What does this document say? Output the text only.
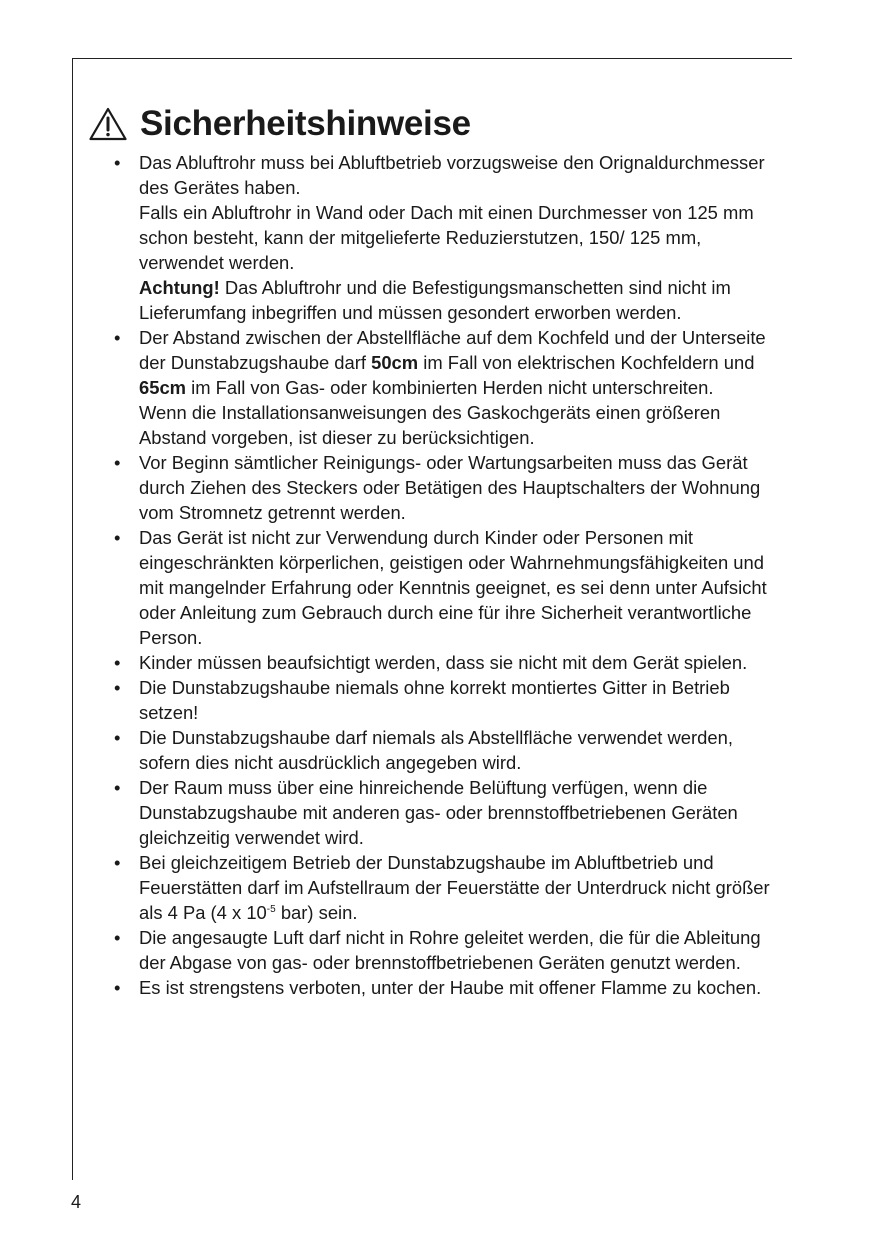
Sicherheitshinweise
• Das Abluftrohr muss bei Abluftbetrieb vorzugsweise den Orignaldurchmesser des Gerätes haben.
Falls ein Abluftrohr in Wand oder Dach mit einen Durchmesser von 125 mm schon besteht, kann der mitgelieferte Reduzierstutzen, 150/ 125 mm, verwendet werden.
Achtung! Das Abluftrohr und die Befestigungsmanschetten sind nicht im Lieferumfang inbegriffen und müssen gesondert erworben werden.
• Der Abstand zwischen der Abstellfläche auf dem Kochfeld und der Unterseite der Dunstabzugshaube darf 50cm im Fall von elektrischen Kochfeldern und 65cm im Fall von Gas- oder kombinierten Herden nicht unterschreiten.
Wenn die Installationsanweisungen des Gaskochgeräts einen größeren Abstand vorgeben, ist dieser zu berücksichtigen.
• Vor Beginn sämtlicher Reinigungs- oder Wartungsarbeiten muss das Gerät durch Ziehen des Steckers oder Betätigen des Hauptschalters der Wohnung vom Stromnetz getrennt werden.
• Das Gerät ist nicht zur Verwendung durch Kinder oder Personen mit eingeschränkten körperlichen, geistigen oder Wahrnehmungsfähigkeiten und mit mangelnder Erfahrung oder Kenntnis geeignet, es sei denn unter Aufsicht oder Anleitung zum Gebrauch durch eine für ihre Sicherheit verantwortliche Person.
• Kinder müssen beaufsichtigt werden, dass sie nicht mit dem Gerät spielen.
• Die Dunstabzugshaube niemals ohne korrekt montiertes Gitter in Betrieb setzen!
• Die Dunstabzugshaube darf niemals als Abstellfläche verwendet werden, sofern dies nicht ausdrücklich angegeben wird.
• Der Raum muss über eine hinreichende Belüftung verfügen, wenn die Dunstabzugshaube mit anderen gas- oder brennstoffbetriebenen Geräten gleichzeitig verwendet wird.
• Bei gleichzeitigem Betrieb der Dunstabzugshaube im Abluftbetrieb und Feuerstätten darf im Aufstellraum der Feuerstätte der Unterdruck nicht größer als 4 Pa (4 x $10^{-5}$ bar) sein.
• Die angesaugte Luft darf nicht in Rohre geleitet werden, die für die Ableitung der Abgase von gas- oder brennstoffbetriebenen Geräten genutzt werden.
• Es ist strengstens verboten, unter der Haube mit offener Flamme zu kochen.
4
